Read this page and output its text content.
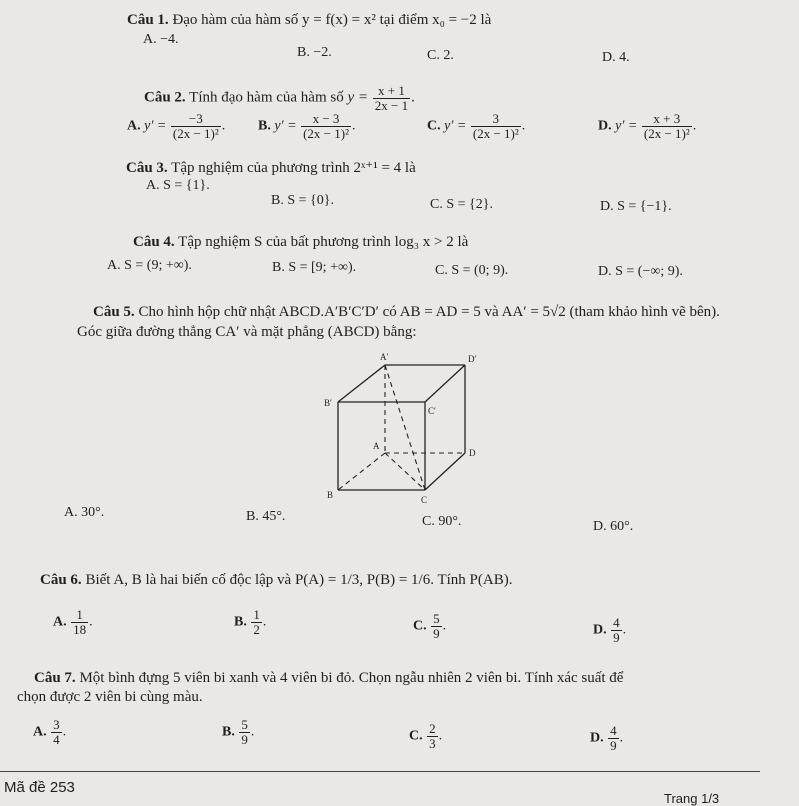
Câu 1. Đạo hàm của hàm số y = f(x) = x² tại điểm x₀ = −2 là
A. −4.
B. −2.	C. 2.	D. 4.
Câu 2. Tính đạo hàm của hàm số $y = \frac{x + 1}{2x - 1}$ .
A. $y' = \frac{-3}{\text{(2x − 1)²}}$ . B. $y' = \frac{x - 3}{\text{(2x − 1)²}}$ .	C. $y' = \frac{3}{\text{(2x − 1)²}}$ .	D. $y' = \frac{x + 3}{\text{(2x − 1)²}}$ .
Câu 3. Tập nghiệm của phương trình 2ˣ⁺¹ = 4 là
A. S = {1}.
B. S = {0}.	C. S = {2}.	D. S = {−1}.
Câu 4. Tập nghiệm S của bất phương trình log₃ x > 2 là
A. S = (9; +∞).	B. S = [9; +∞).	C. S = (0; 9).	D. S = (−∞; 9).
Câu 5. Cho hình hộp chữ nhật ABCD.A′B′C′D′ có AB = AD = 5 và AA′ = 5√2 (tham khảo hình vẽ bên).
Góc giữa đường thẳng CA′ và mặt phẳng (ABCD) bằng:
A′	D′
B′
C′
A
D
B	C
A. 30°.	B. 45°.	C. 90°.	D. 60°.
Câu 6. Biết A, B là hai biến cố độc lập và P(A) = 1/3, P(B) = 1/6. Tính P(AB).
A. $\frac{1}{18}$ .	B. $\frac{1}{2}$ .	C. $\frac{5}{9}$ .	D. $\frac{4}{9}$ .
Câu 7. Một bình đựng 5 viên bi xanh và 4 viên bi đỏ. Chọn ngẫu nhiên 2 viên bi. Tính xác suất để
chọn được 2 viên bi cùng màu.
A. $\frac{3}{4}$ .	B. $\frac{5}{9}$ .	C. $\frac{2}{3}$ .	D. $\frac{4}{9}$ .
Mã đề 253
Trang 1/3
